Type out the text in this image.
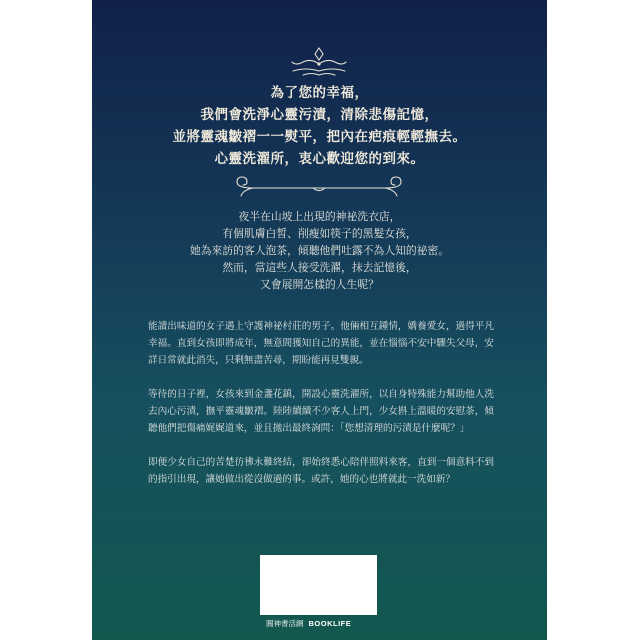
為了您的幸福，
我們會洗淨心靈污漬，清除悲傷記憶，
並將靈魂皺褶一一熨平，把內在疤痕輕輕撫去。
心靈洗濯所，衷心歡迎您的到來。
夜半在山坡上出現的神祕洗衣店，
有個肌膚白皙、削瘦如筷子的黑髮女孩，
她為來訪的客人泡茶，傾聽他們吐露不為人知的祕密。
然而，當這些人接受洗濯，抹去記憶後，
又會展開怎樣的人生呢？

能讀出味道的女子遇上守護神祕村莊的男子。他倆相互鍾情，嬌養愛女，過得平凡幸福。直到女孩即將成年，無意間獲知自己的異能，並在惱惱不安中驟失父母，安詳日常就此消失，只剩無盡苦尋，期盼能再見雙親。

等待的日子裡，女孩來到金盞花鎮，開設心靈洗濯所，以自身特殊能力幫助他人洗去內心污漬，撫平靈魂皺褶。陸陸續續不少客人上門，少女斟上溫暖的安慰茶，傾聽他們把傷痛娓娓道來，並且拋出最終詢問：「您想清理的污漬是什麼呢？」

即便少女自己的苦楚彷彿永難終結，卻始終悉心陪伴照料來客，直到一個意料不到的指引出現，讓她做出從沒做過的事。或許，她的心也將就此一洗如新？

圓神書活網 BOOKLIFE
